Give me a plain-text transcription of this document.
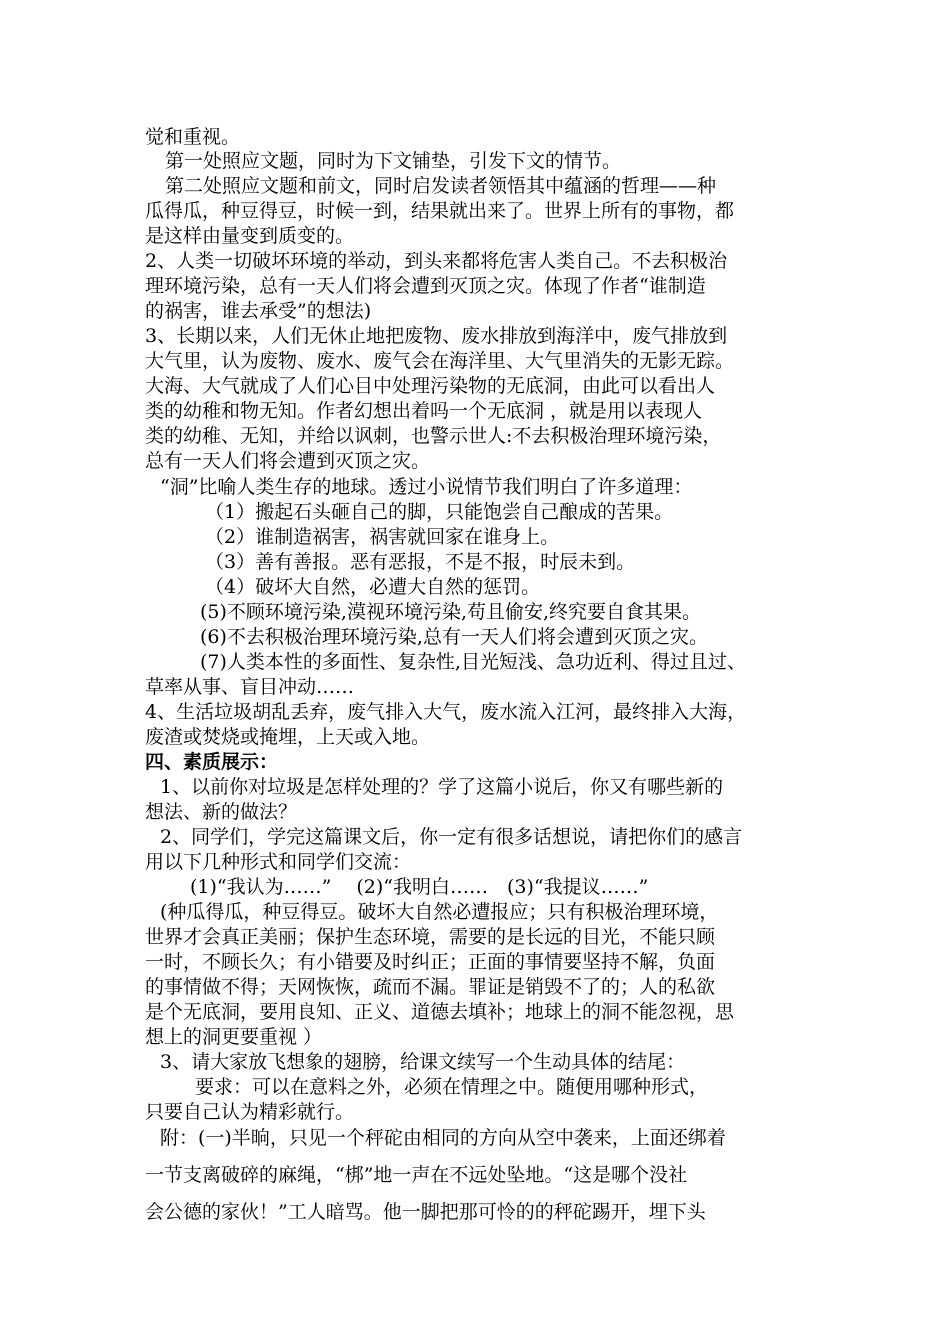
觉和重视。
第一处照应文题，同时为下文铺垫，引发下文的情节。
第二处照应文题和前文，同时启发读者领悟其中蕴涵的哲理——种
瓜得瓜，种豆得豆，时候一到，结果就出来了。世界上所有的事物，都
是这样由量变到质变的。
2、人类一切破坏环境的举动，到头来都将危害人类自己。不去积极治
理环境污染，总有一天人们将会遭到灭顶之灾。体现了作者“谁制造
的祸害，谁去承受”的想法)
3、长期以来，人们无休止地把废物、废水排放到海洋中，废气排放到
大气里，认为废物、废水、废气会在海洋里、大气里消失的无影无踪。
大海、大气就成了人们心目中处理污染物的无底洞，由此可以看出人
类的幼稚和物无知。作者幻想出着吗一个无底洞 ，就是用以表现人
类的幼稚、无知，并给以讽刺，也警示世人:不去积极治理环境污染，
总有一天人们将会遭到灭顶之灾。
“洞”比喻人类生存的地球。透过小说情节我们明白了许多道理：
（1）搬起石头砸自己的脚，只能饱尝自己酿成的苦果。
（2）谁制造祸害，祸害就回家在谁身上。
（3）善有善报。恶有恶报，不是不报，时辰未到。
（4）破坏大自然，必遭大自然的惩罚。
(5)不顾环境污染,漠视环境污染,苟且偷安,终究要自食其果。
(6)不去积极治理环境污染,总有一天人们将会遭到灭顶之灾。
(7)人类本性的多面性、复杂性,目光短浅、急功近利、得过且过、
草率从事、盲目冲动……
4、生活垃圾胡乱丢弃，废气排入大气，废水流入江河，最终排入大海，
废渣或焚烧或掩埋，上天或入地。
四、素质展示：
1、以前你对垃圾是怎样处理的？学了这篇小说后，你又有哪些新的
想法、新的做法？
2、同学们，学完这篇课文后，你一定有很多话想说，请把你们的感言
用以下几种形式和同学们交流：
(1)“我认为……”　 (2)“我明白……　(3)“我提议……”
(种瓜得瓜，种豆得豆。破坏大自然必遭报应；只有积极治理环境，
世界才会真正美丽；保护生态环境，需要的是长远的目光，不能只顾
一时，不顾长久；有小错要及时纠正；正面的事情要坚持不解，负面
的事情做不得；天网恢恢，疏而不漏。罪证是销毁不了的；人的私欲
是个无底洞，要用良知、正义、道德去填补；地球上的洞不能忽视，思
想上的洞更要重视 ）
3、请大家放飞想象的翅膀，给课文续写一个生动具体的结尾：
要求：可以在意料之外，必须在情理之中。随便用哪种形式，
只要自己认为精彩就行。
附：(一)半晌，只见一个秤砣由相同的方向从空中袭来，上面还绑着
一节支离破碎的麻绳，“梆”地一声在不远处坠地。“这是哪个没社
会公德的家伙！”工人暗骂。他一脚把那可怜的的秤砣踢开，埋下头
